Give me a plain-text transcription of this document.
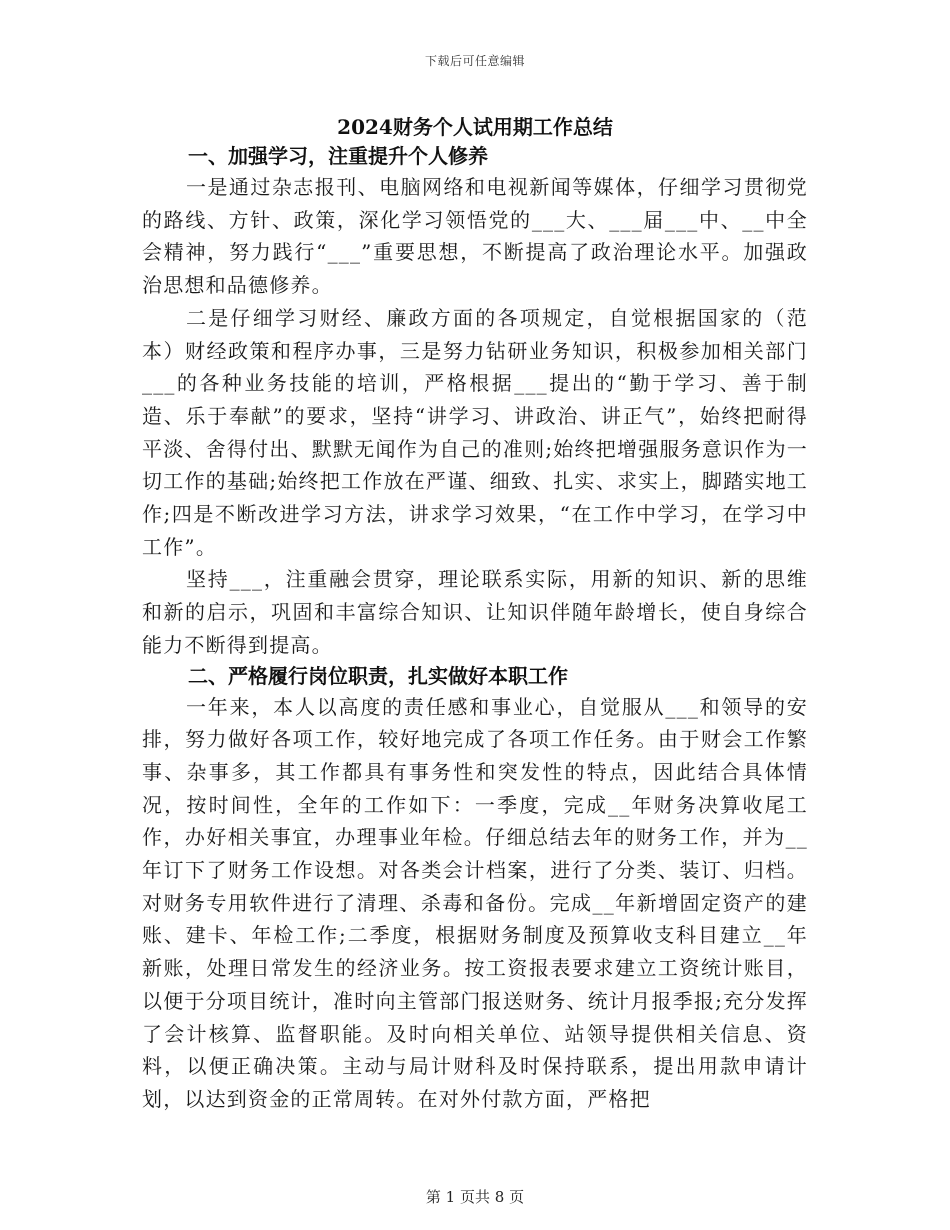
下载后可任意编辑
2024财务个人试用期工作总结
一、加强学习，注重提升个人修养

一是通过杂志报刊、电脑网络和电视新闻等媒体，仔细学习贯彻党的路线、方针、政策，深化学习领悟党的___大、___届___中、__中全会精神，努力践行“___”重要思想，不断提高了政治理论水平。加强政治思想和品德修养。

二是仔细学习财经、廉政方面的各项规定，自觉根据国家的（范本）财经政策和程序办事，三是努力钻研业务知识，积极参加相关部门___的各种业务技能的培训，严格根据___提出的“勤于学习、善于制造、乐于奉献”的要求，坚持“讲学习、讲政治、讲正气”，始终把耐得平淡、舍得付出、默默无闻作为自己的准则;始终把增强服务意识作为一切工作的基础;始终把工作放在严谨、细致、扎实、求实上，脚踏实地工作;四是不断改进学习方法，讲求学习效果，“在工作中学习，在学习中工作”。

坚持___，注重融会贯穿，理论联系实际，用新的知识、新的思维和新的启示，巩固和丰富综合知识、让知识伴随年龄增长，使自身综合能力不断得到提高。

二、严格履行岗位职责，扎实做好本职工作

一年来，本人以高度的责任感和事业心，自觉服从___和领导的安排，努力做好各项工作，较好地完成了各项工作任务。由于财会工作繁事、杂事多，其工作都具有事务性和突发性的特点，因此结合具体情况，按时间性，全年的工作如下：一季度，完成__年财务决算收尾工作，办好相关事宜，办理事业年检。仔细总结去年的财务工作，并为__年订下了财务工作设想。对各类会计档案，进行了分类、装订、归档。对财务专用软件进行了清理、杀毒和备份。完成__年新增固定资产的建账、建卡、年检工作;二季度，根据财务制度及预算收支科目建立__年新账，处理日常发生的经济业务。按工资报表要求建立工资统计账目，以便于分项目统计，准时向主管部门报送财务、统计月报季报;充分发挥了会计核算、监督职能。及时向相关单位、站领导提供相关信息、资料，以便正确决策。主动与局计财科及时保持联系，提出用款申请计划，以达到资金的正常周转。在对外付款方面，严格把

第 1 页共 8 页
